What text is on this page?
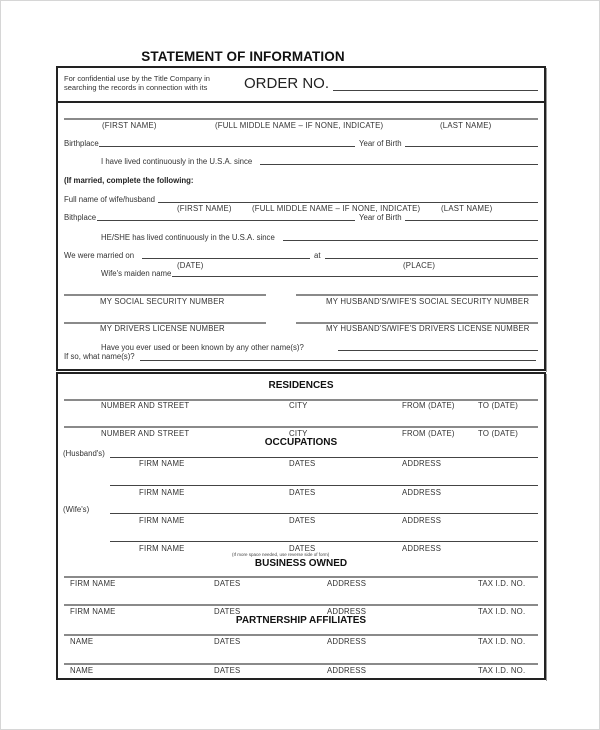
STATEMENT OF INFORMATION
For confidential use by the Title Company in
searching the records in connection with its ORDER NO.
(FIRST NAME)	(FULL MIDDLE NAME – IF NONE, INDICATE)	(LAST NAME)
Birthplace	Year of Birth
I have lived continuously in the U.S.A. since
(If married, complete the following:
Full name of wife/husband
(FIRST NAME)	(FULL MIDDLE NAME – IF NONE, INDICATE)	(LAST NAME)
Bithplace	Year of Birth
HE/SHE has lived continuously in the U.S.A. since
We were married on	at
(DATE)	(PLACE)
Wife's maiden name
MY SOCIAL SECURITY NUMBER	MY HUSBAND'S/WIFE'S SOCIAL SECURITY NUMBER
MY DRIVERS LICENSE NUMBER	MY HUSBAND'S/WIFE'S DRIVERS LICENSE NUMBER
Have you ever used or been known by any other name(s)?
If so, what name(s)?
RESIDENCES
NUMBER AND STREET	CITY	FROM (DATE)	TO (DATE)
NUMBER AND STREET	CITY	FROM (DATE)	TO (DATE)
OCCUPATIONS
(Husband's)
FIRM NAME	DATES	ADDRESS
FIRM NAME	DATES	ADDRESS
(Wife's)
FIRM NAME	DATES	ADDRESS
FIRM NAME	DATES	ADDRESS
(If more space needed, use reverse side of form)
BUSINESS OWNED
FIRM NAME	DATES	ADDRESS	TAX I.D. NO.
FIRM NAME	DATES	ADDRESS	TAX I.D. NO.
PARTNERSHIP AFFILIATES
NAME	DATES	ADDRESS	TAX I.D. NO.
NAME	DATES	ADDRESS	TAX I.D. NO.
